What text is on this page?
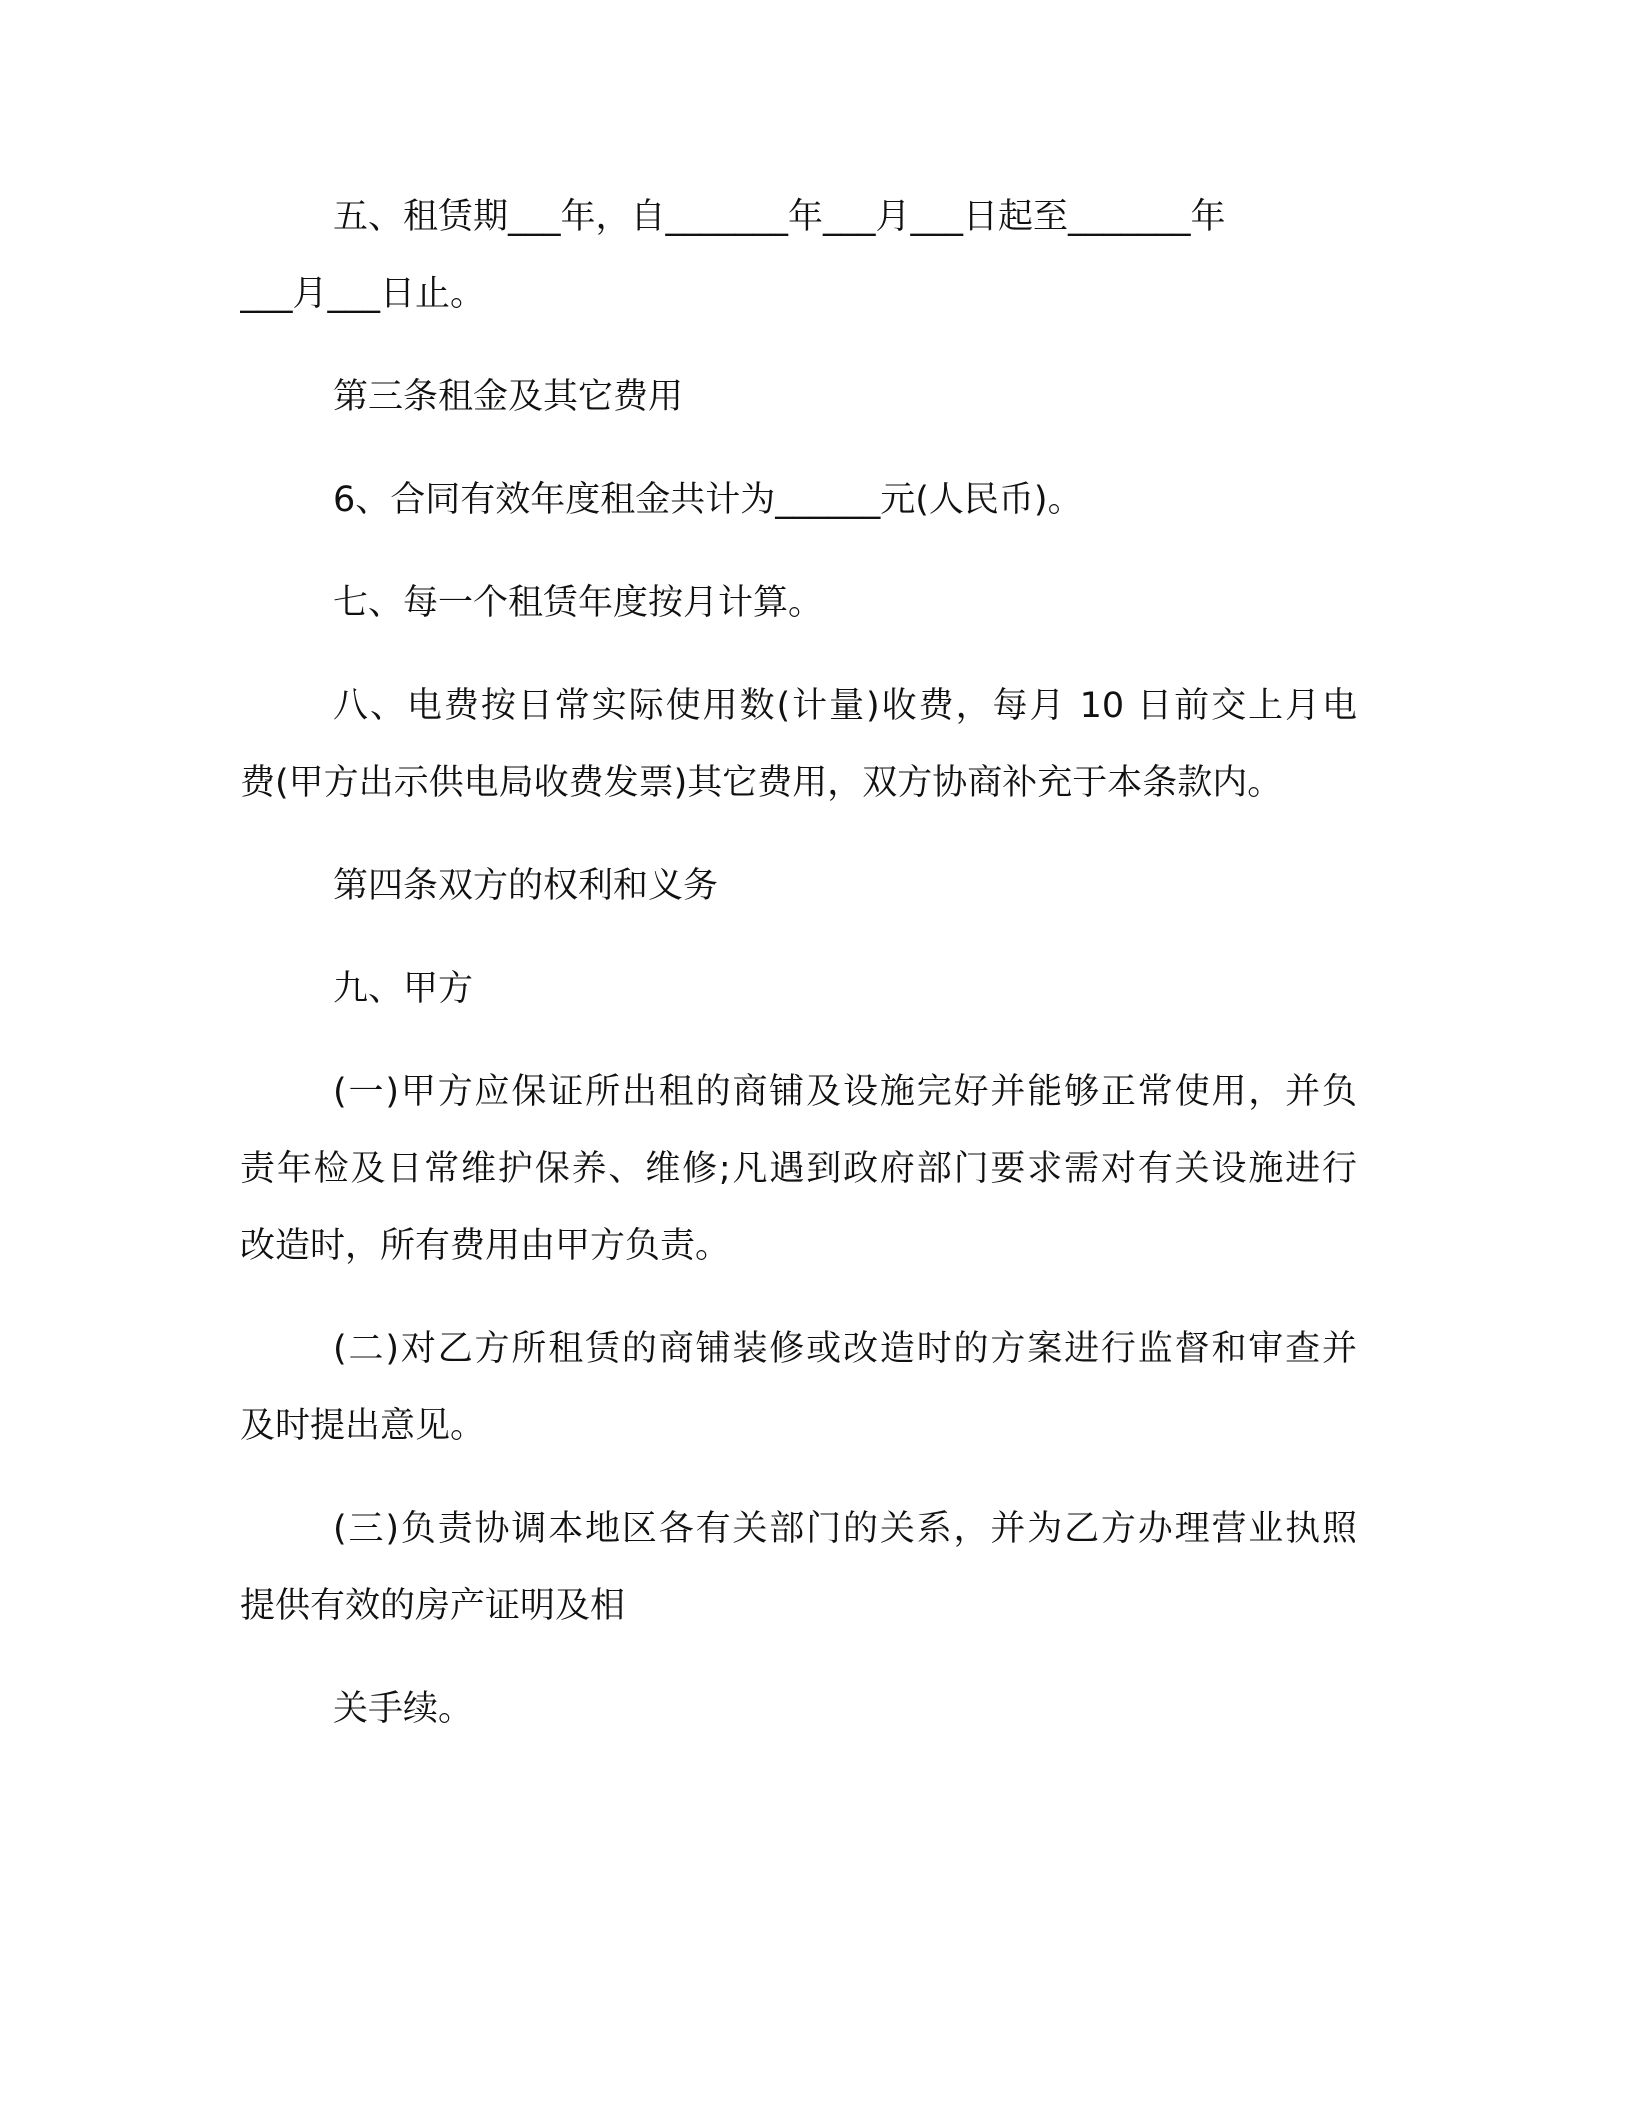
五、租赁期___年，自_______年___月___日起至_______年
___月___日止。
第三条租金及其它费用
6、合同有效年度租金共计为______元(人民币)。
七、每一个租赁年度按月计算。
八、电费按日常实际使用数(计量)收费，每月 10 日前交上月电
费(甲方出示供电局收费发票)其它费用，双方协商补充于本条款内。
第四条双方的权利和义务
九、甲方
(一)甲方应保证所出租的商铺及设施完好并能够正常使用，并负
责年检及日常维护保养、维修;凡遇到政府部门要求需对有关设施进行
改造时，所有费用由甲方负责。
(二)对乙方所租赁的商铺装修或改造时的方案进行监督和审查并
及时提出意见。
(三)负责协调本地区各有关部门的关系，并为乙方办理营业执照
提供有效的房产证明及相
关手续。
